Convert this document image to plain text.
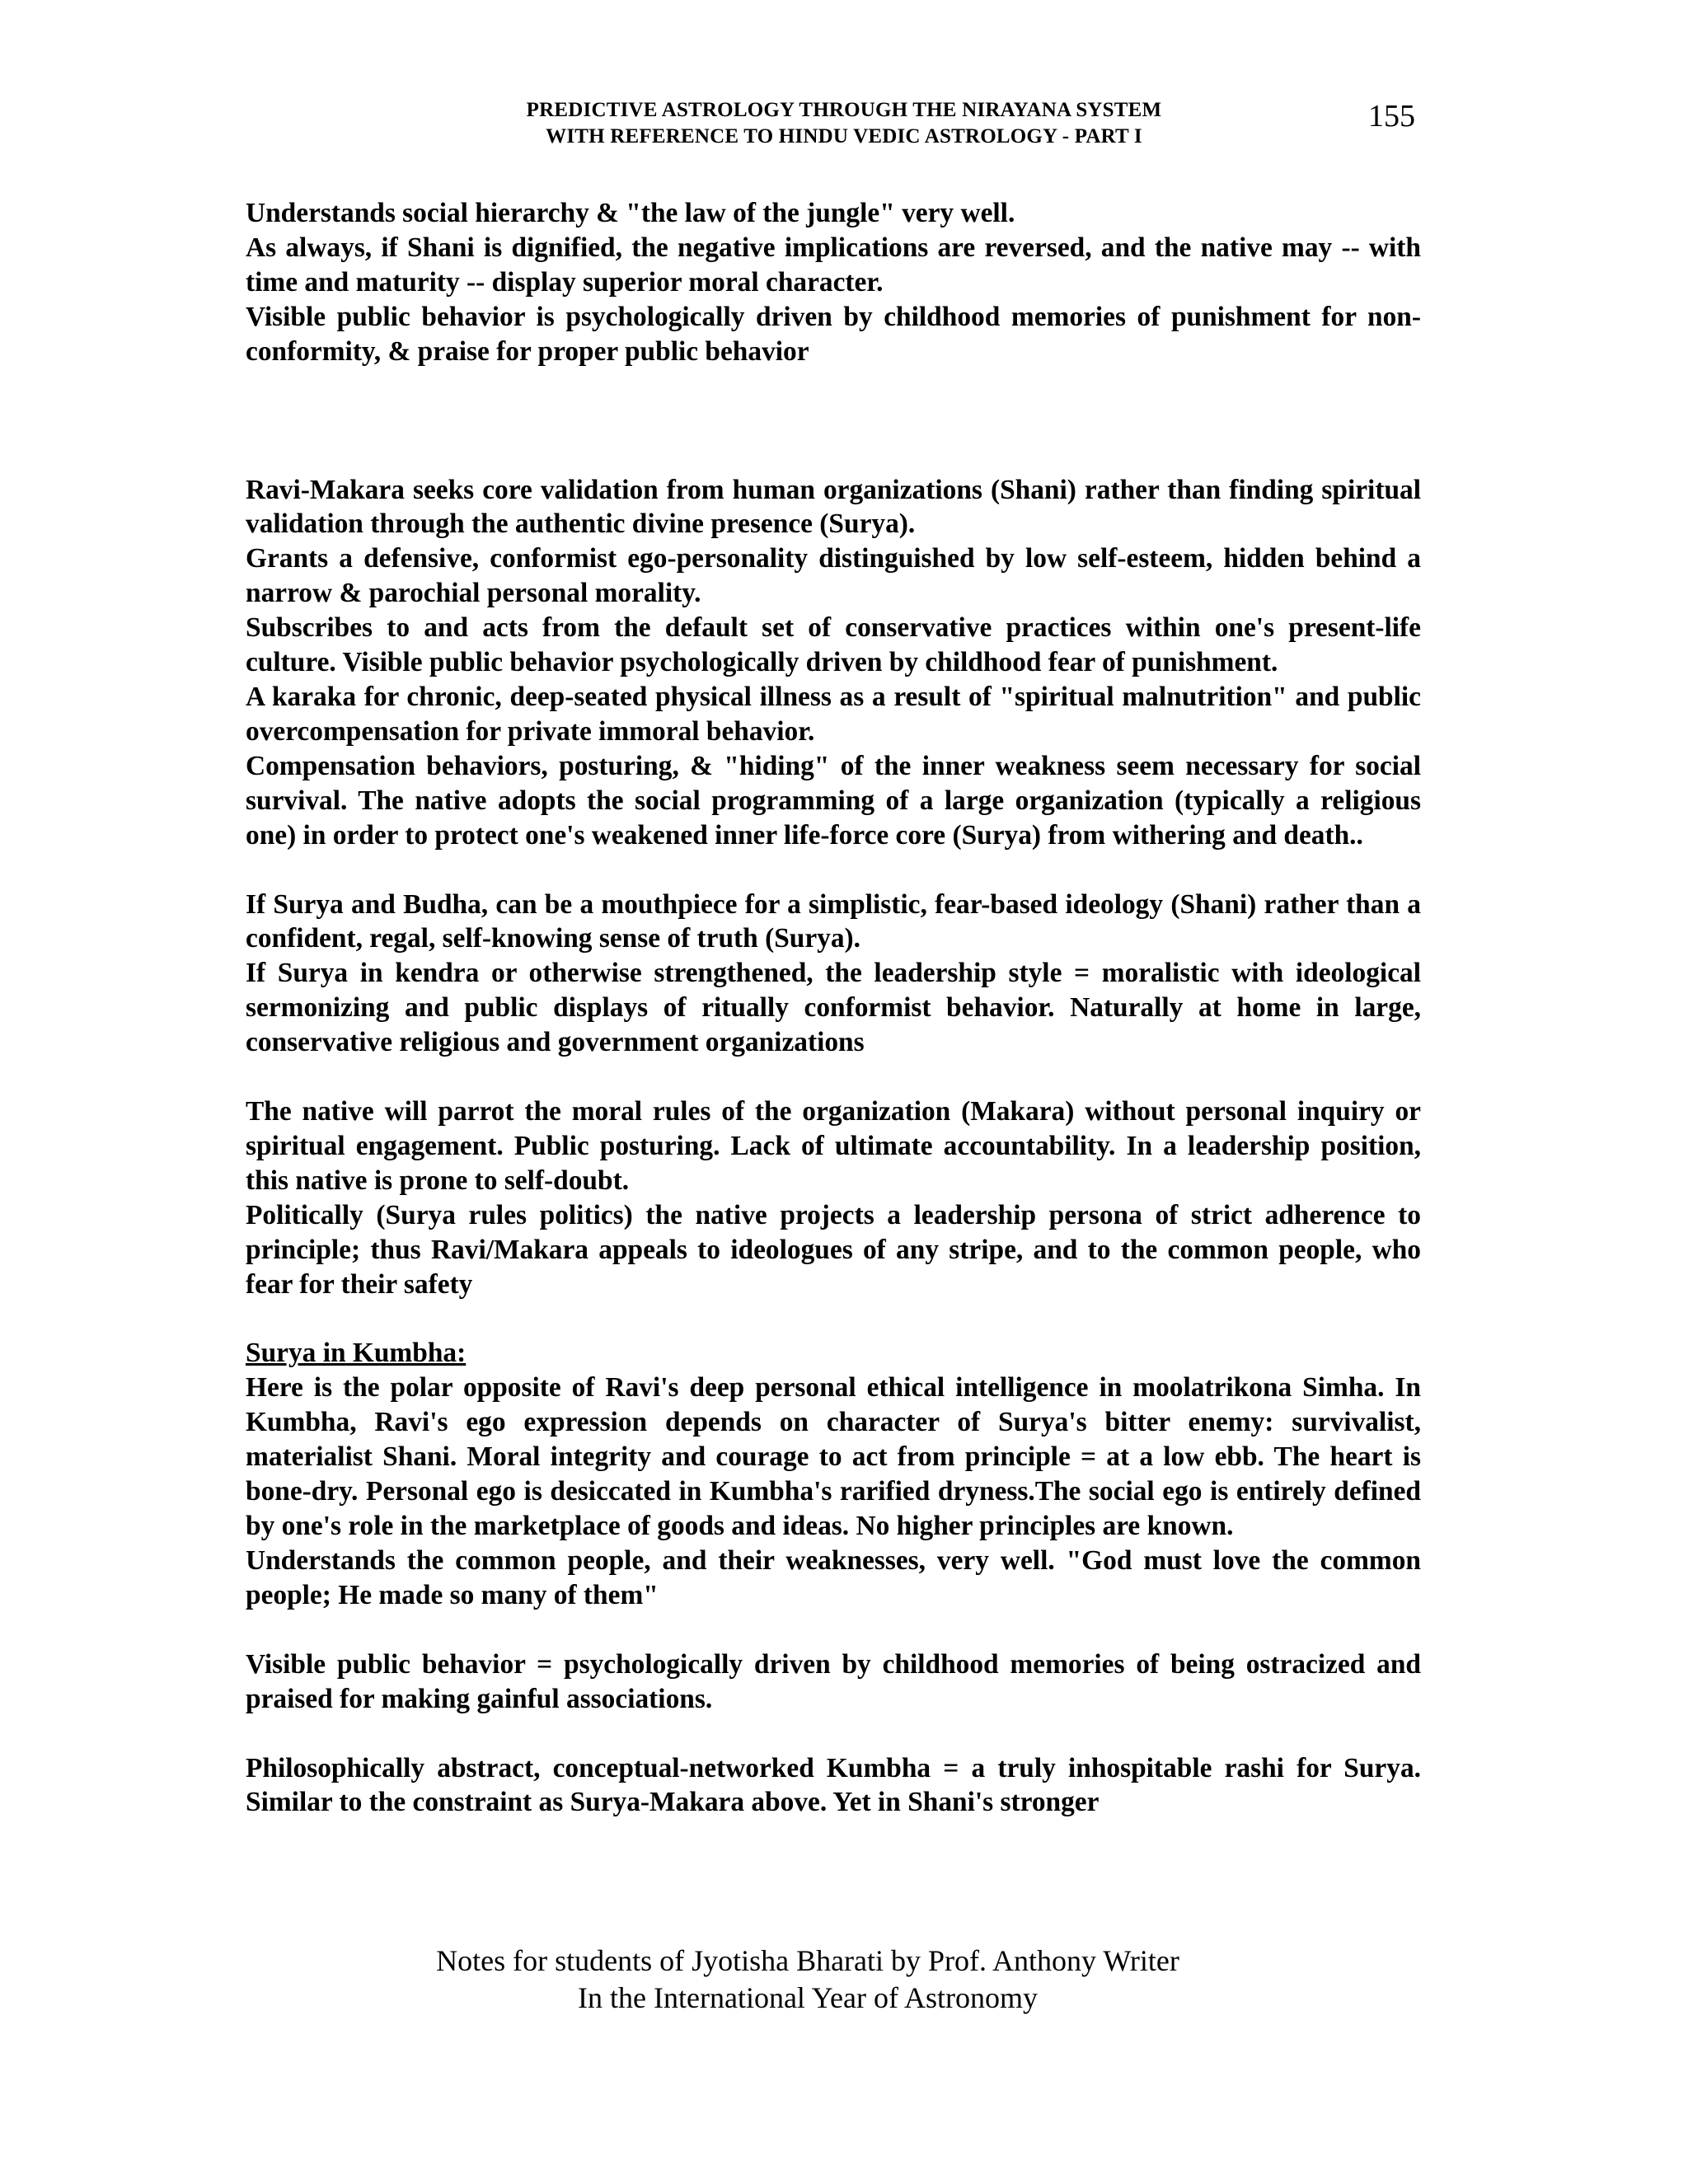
PREDICTIVE ASTROLOGY THROUGH THE NIRAYANA SYSTEM
WITH REFERENCE TO HINDU VEDIC ASTROLOGY - PART I
155

Understands social hierarchy & "the law of the jungle" very well.

As always, if Shani is dignified, the negative implications are reversed, and the native may -- with time and maturity -- display superior moral character.

Visible public behavior is psychologically driven by childhood memories of punishment for non-conformity, & praise for proper public behavior

Ravi-Makara seeks core validation from human organizations (Shani) rather than finding spiritual validation through the authentic divine presence (Surya).

Grants a defensive, conformist ego-personality distinguished by low self-esteem, hidden behind a narrow & parochial personal morality.

Subscribes to and acts from the default set of conservative practices within one's present-life culture. Visible public behavior psychologically driven by childhood fear of punishment.

A karaka for chronic, deep-seated physical illness as a result of "spiritual malnutrition" and public overcompensation for private immoral behavior.

Compensation behaviors, posturing, & "hiding" of the inner weakness seem necessary for social survival. The native adopts the social programming of a large organization (typically a religious one) in order to protect one's weakened inner life-force core (Surya) from withering and death..

If Surya and Budha, can be a mouthpiece for a simplistic, fear-based ideology (Shani) rather than a confident, regal, self-knowing sense of truth (Surya).

If Surya in kendra or otherwise strengthened, the leadership style = moralistic with ideological sermonizing and public displays of ritually conformist behavior. Naturally at home in large, conservative religious and government organizations

The native will parrot the moral rules of the organization (Makara) without personal inquiry or spiritual engagement. Public posturing. Lack of ultimate accountability. In a leadership position, this native is prone to self-doubt.

Politically (Surya rules politics) the native projects a leadership persona of strict adherence to principle; thus Ravi/Makara appeals to ideologues of any stripe, and to the common people, who fear for their safety

Surya in Kumbha:

Here is the polar opposite of Ravi's deep personal ethical intelligence in moolatrikona Simha. In Kumbha, Ravi's ego expression depends on character of Surya's bitter enemy: survivalist, materialist Shani. Moral integrity and courage to act from principle = at a low ebb. The heart is bone-dry. Personal ego is desiccated in Kumbha's rarified dryness.The social ego is entirely defined by one's role in the marketplace of goods and ideas. No higher principles are known.

Understands the common people, and their weaknesses, very well. "God must love the common people; He made so many of them"

Visible public behavior = psychologically driven by childhood memories of being ostracized and praised for making gainful associations.

Philosophically abstract, conceptual-networked Kumbha = a truly inhospitable rashi for Surya. Similar to the constraint as Surya-Makara above. Yet in Shani's stronger

Notes for students of Jyotisha Bharati by Prof. Anthony Writer
In the International Year of Astronomy
